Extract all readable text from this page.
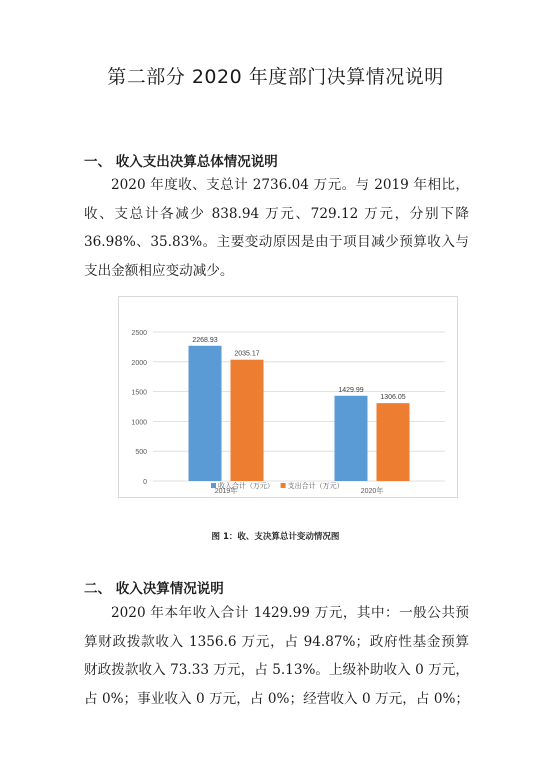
第二部分 2020 年度部门决算情况说明
一、 收入支出决算总体情况说明
2020 年度收、支总计 2736.04 万元。与 2019 年相比，
收、支总计各减少 838.94 万元、729.12 万元，分别下降
36.98%、35.83%。主要变动原因是由于项目减少预算收入与
支出金额相应变动减少。
0
500
1000
1500
2000
2500
2268.93
2035.17
2019年
1429.99
1306.05
2020年
收入合计（万元） 支出合计（万元）
图 1：收、支决算总计变动情况图
二、 收入决算情况说明
2020 年本年收入合计 1429.99 万元，其中：一般公共预
算财政拨款收入 1356.6 万元，占 94.87%；政府性基金预算
财政拨款收入 73.33 万元，占 5.13%。上级补助收入 0 万元，
占 0%；事业收入 0 万元，占 0%；经营收入 0 万元，占 0%；
